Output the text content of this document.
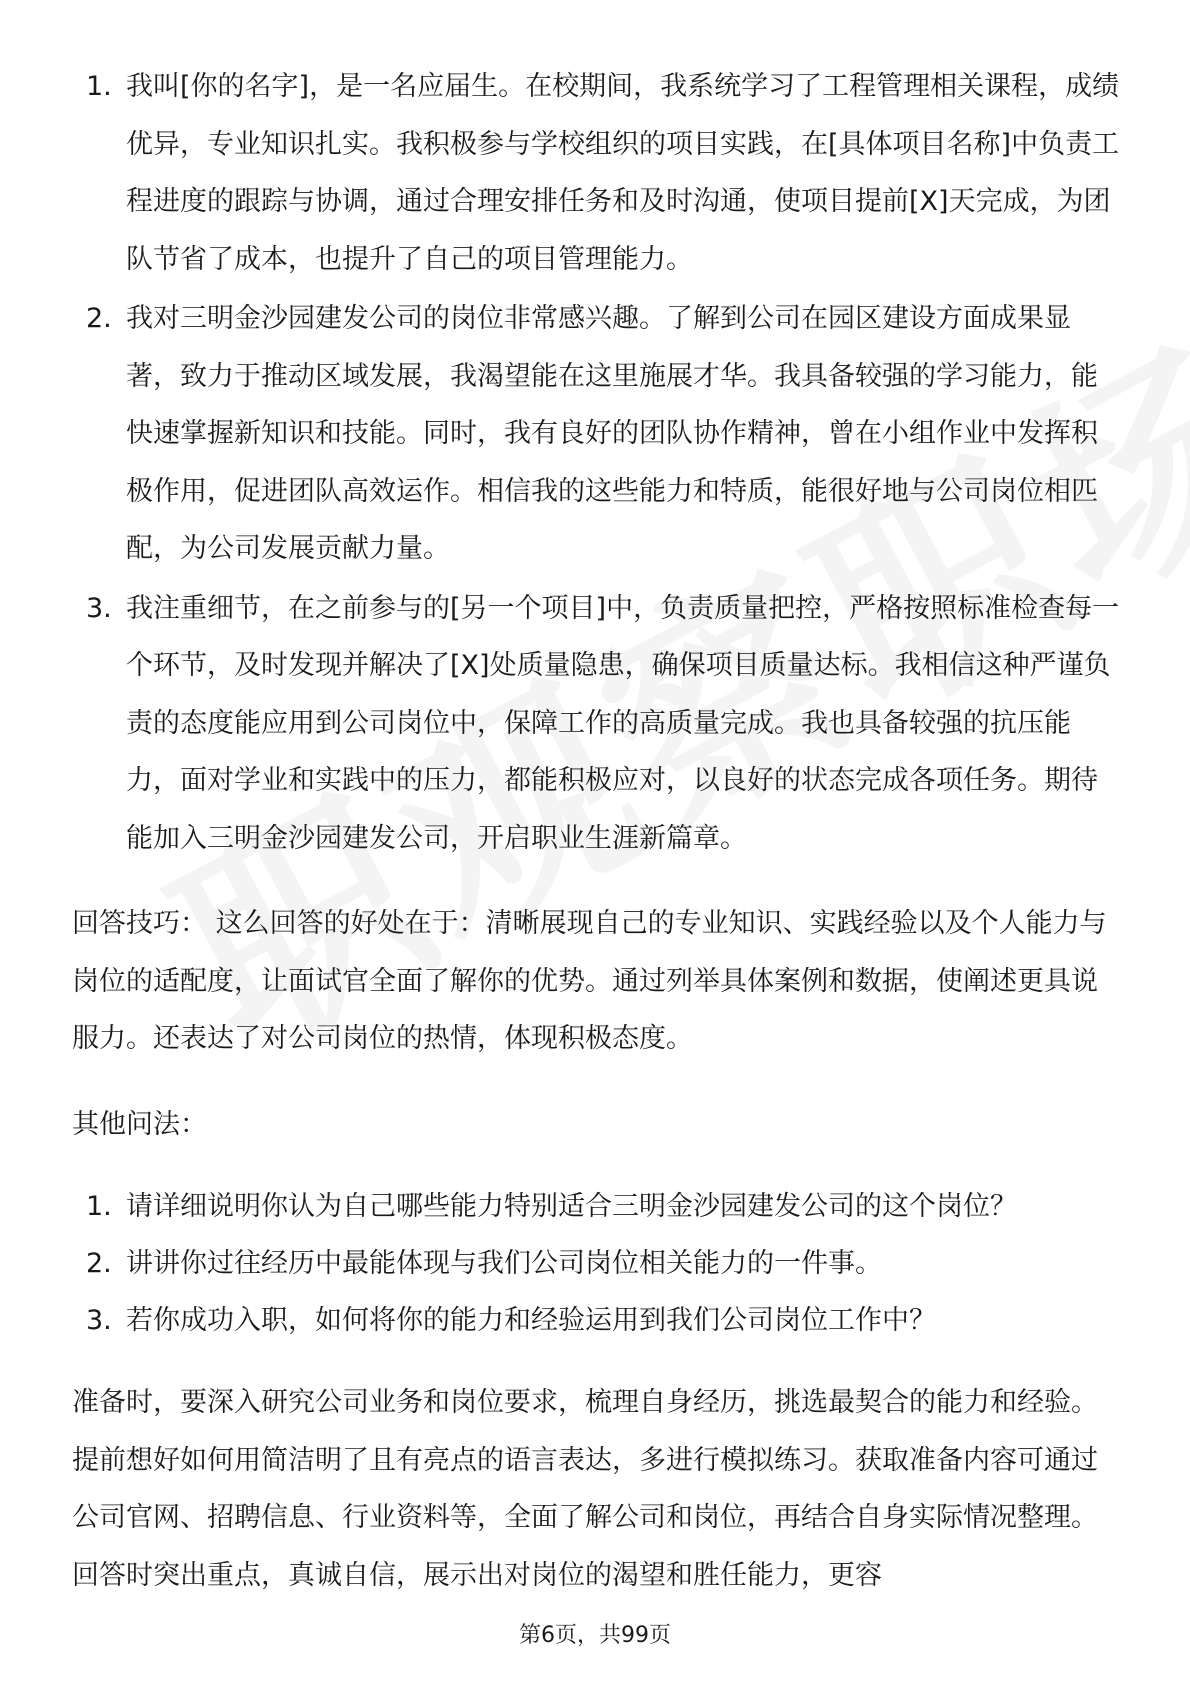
1. 我叫[你的名字]，是一名应届生。在校期间，我系统学习了工程管理相关课程，成绩优异，专业知识扎实。我积极参与学校组织的项目实践，在[具体项目名称]中负责工程进度的跟踪与协调，通过合理安排任务和及时沟通，使项目提前[X]天完成，为团队节省了成本，也提升了自己的项目管理能力。
2. 我对三明金沙园建发公司的岗位非常感兴趣。了解到公司在园区建设方面成果显著，致力于推动区域发展，我渴望能在这里施展才华。我具备较强的学习能力，能快速掌握新知识和技能。同时，我有良好的团队协作精神，曾在小组作业中发挥积极作用，促进团队高效运作。相信我的这些能力和特质，能很好地与公司岗位相匹配，为公司发展贡献力量。
3. 我注重细节，在之前参与的[另一个项目]中，负责质量把控，严格按照标准检查每一个环节，及时发现并解决了[X]处质量隐患，确保项目质量达标。我相信这种严谨负责的态度能应用到公司岗位中，保障工作的高质量完成。我也具备较强的抗压能力，面对学业和实践中的压力，都能积极应对，以良好的状态完成各项任务。期待能加入三明金沙园建发公司，开启职业生涯新篇章。

回答技巧： 这么回答的好处在于：清晰展现自己的专业知识、实践经验以及个人能力与岗位的适配度，让面试官全面了解你的优势。通过列举具体案例和数据，使阐述更具说服力。还表达了对公司岗位的热情，体现积极态度。

其他问法：

1. 请详细说明你认为自己哪些能力特别适合三明金沙园建发公司的这个岗位？
2. 讲讲你过往经历中最能体现与我们公司岗位相关能力的一件事。
3. 若你成功入职，如何将你的能力和经验运用到我们公司岗位工作中？

准备时，要深入研究公司业务和岗位要求，梳理自身经历，挑选最契合的能力和经验。提前想好如何用简洁明了且有亮点的语言表达，多进行模拟练习。获取准备内容可通过公司官网、招聘信息、行业资料等，全面了解公司和岗位，再结合自身实际情况整理。回答时突出重点，真诚自信，展示出对岗位的渴望和胜任能力，更容

第6页，共99页
